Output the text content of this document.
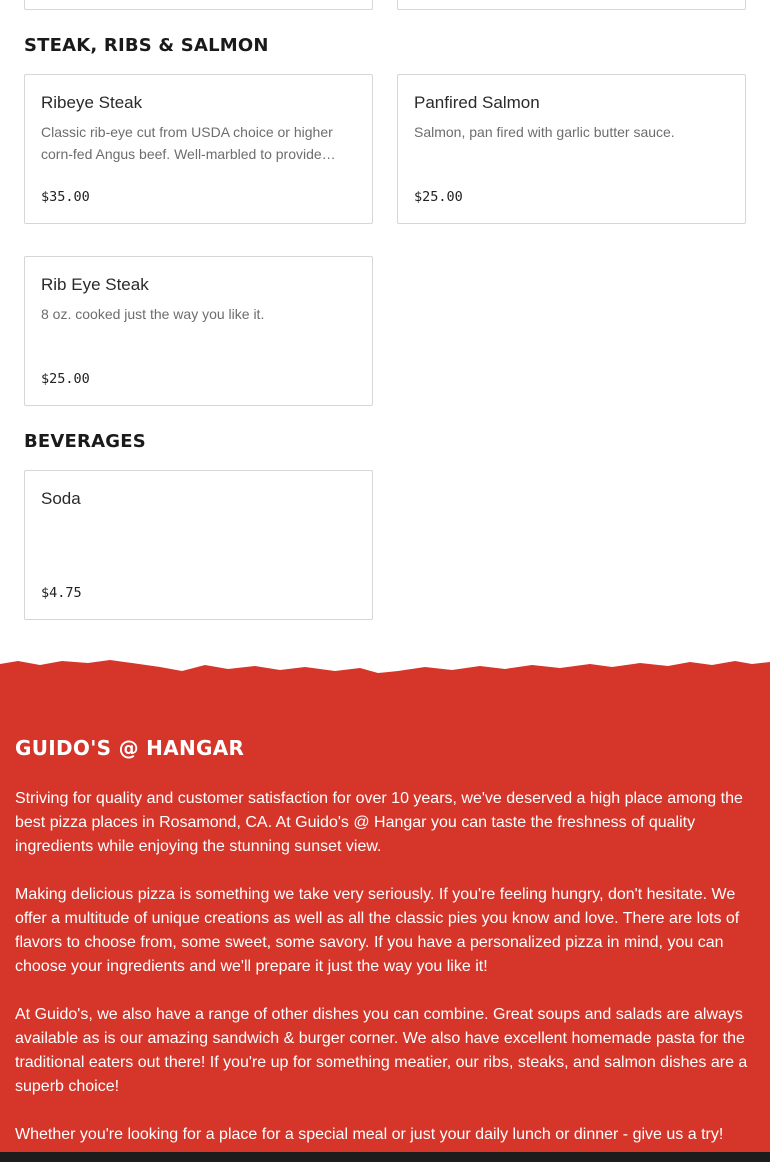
STEAK, RIBS & SALMON
Ribeye Steak
Classic rib-eye cut from USDA choice or higher corn-fed Angus beef. Well-marbled to provide…
$35.00
Panfired Salmon
Salmon, pan fired with garlic butter sauce.
$25.00
Rib Eye Steak
8 oz. cooked just the way you like it.
$25.00
BEVERAGES
Soda
$4.75
GUIDO'S @ HANGAR

Striving for quality and customer satisfaction for over 10 years, we've deserved a high place among the best pizza places in Rosamond, CA. At Guido's @ Hangar you can taste the freshness of quality ingredients while enjoying the stunning sunset view.

Making delicious pizza is something we take very seriously. If you're feeling hungry, don't hesitate. We offer a multitude of unique creations as well as all the classic pies you know and love. There are lots of flavors to choose from, some sweet, some savory. If you have a personalized pizza in mind, you can choose your ingredients and we'll prepare it just the way you like it!

At Guido's, we also have a range of other dishes you can combine. Great soups and salads are always available as is our amazing sandwich & burger corner. We also have excellent homemade pasta for the traditional eaters out there! If you're up for something meatier, our ribs, steaks, and salmon dishes are a superb choice!

Whether you're looking for a place for a special meal or just your daily lunch or dinner - give us a try!
